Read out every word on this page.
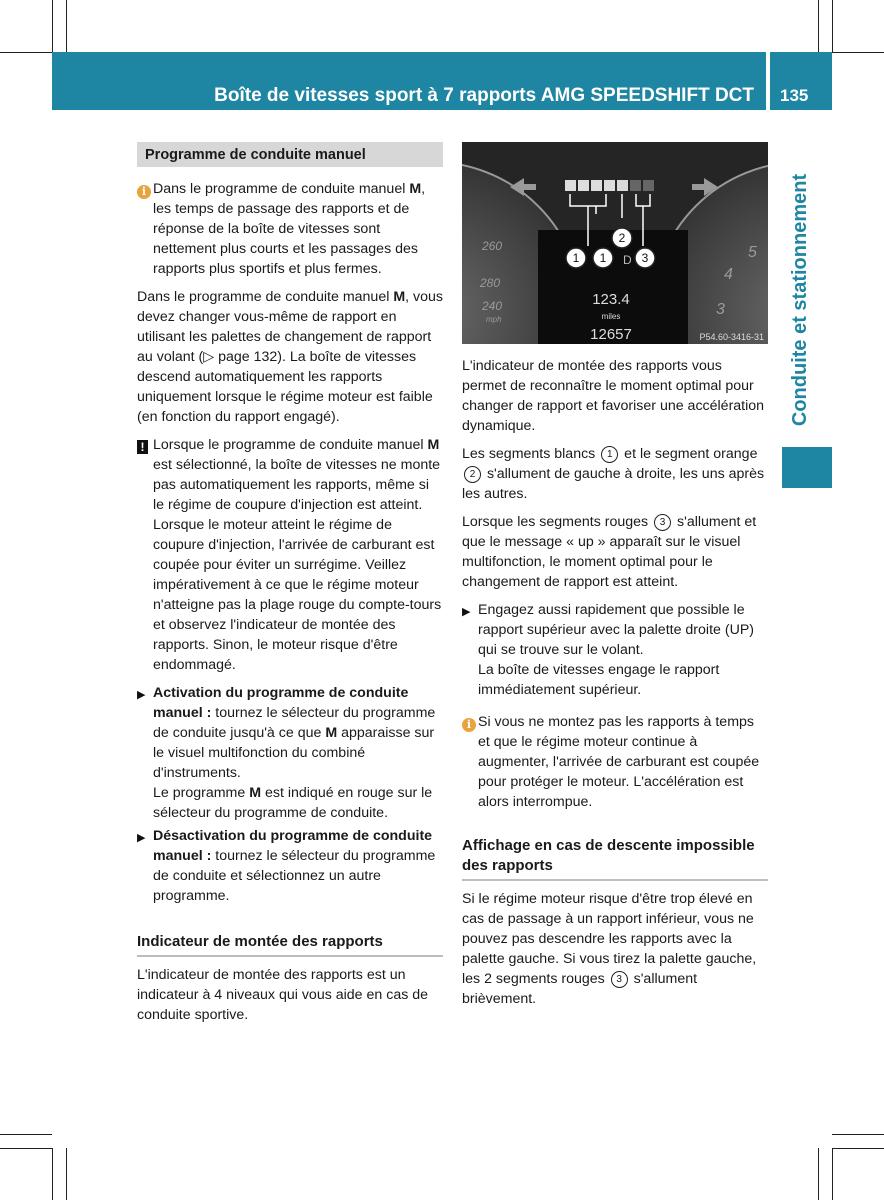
Boîte de vitesses sport à 7 rapports AMG SPEEDSHIFT DCT 135
Conduite et stationnement
Programme de conduite manuel
i Dans le programme de conduite manuel M, les temps de passage des rapports et de réponse de la boîte de vitesses sont nettement plus courts et les passages des rapports plus sportifs et plus fermes.

Dans le programme de conduite manuel M, vous devez changer vous-même de rapport en utilisant les palettes de changement de rapport au volant (▷ page 132). La boîte de vitesses descend automatiquement les rapports uniquement lorsque le régime moteur est faible (en fonction du rapport engagé).

! Lorsque le programme de conduite manuel M est sélectionné, la boîte de vitesses ne monte pas automatiquement les rapports, même si le régime de coupure d'injection est atteint. Lorsque le moteur atteint le régime de coupure d'injection, l'arrivée de carburant est coupée pour éviter un surrégime. Veillez impérativement à ce que le régime moteur n'atteigne pas la plage rouge du compte-tours et observez l'indicateur de montée des rapports. Sinon, le moteur risque d'être endommagé.
▶ Activation du programme de conduite manuel : tournez le sélecteur du programme de conduite jusqu'à ce que M apparaisse sur le visuel multifonction du combiné d'instruments.
Le programme M est indiqué en rouge sur le sélecteur du programme de conduite.
▶ Désactivation du programme de conduite manuel : tournez le sélecteur du programme de conduite et sélectionnez un autre programme.
Indicateur de montée des rapports

L'indicateur de montée des rapports est un indicateur à 4 niveaux qui vous aide en cas de conduite sportive.

1 1
2
3
D
123.4
miles
12657
260
280
240
mph
5
4
3
P54.60-3416-31

L'indicateur de montée des rapports vous permet de reconnaître le moment optimal pour changer de rapport et favoriser une accélération dynamique.

Les segments blancs 1 et le segment orange 2 s'allument de gauche à droite, les uns après les autres.

Lorsque les segments rouges 3 s'allument et que le message « up » apparaît sur le visuel multifonction, le moment optimal pour le changement de rapport est atteint.

▶ Engagez aussi rapidement que possible le rapport supérieur avec la palette droite (UP) qui se trouve sur le volant.
La boîte de vitesses engage le rapport immédiatement supérieur.
i Si vous ne montez pas les rapports à temps et que le régime moteur continue à augmenter, l'arrivée de carburant est coupée pour protéger le moteur. L'accélération est alors interrompue.
Affichage en cas de descente impossible des rapports

Si le régime moteur risque d'être trop élevé en cas de passage à un rapport inférieur, vous ne pouvez pas descendre les rapports avec la palette gauche. Si vous tirez la palette gauche, les 2 segments rouges 3 s'allument brièvement.
